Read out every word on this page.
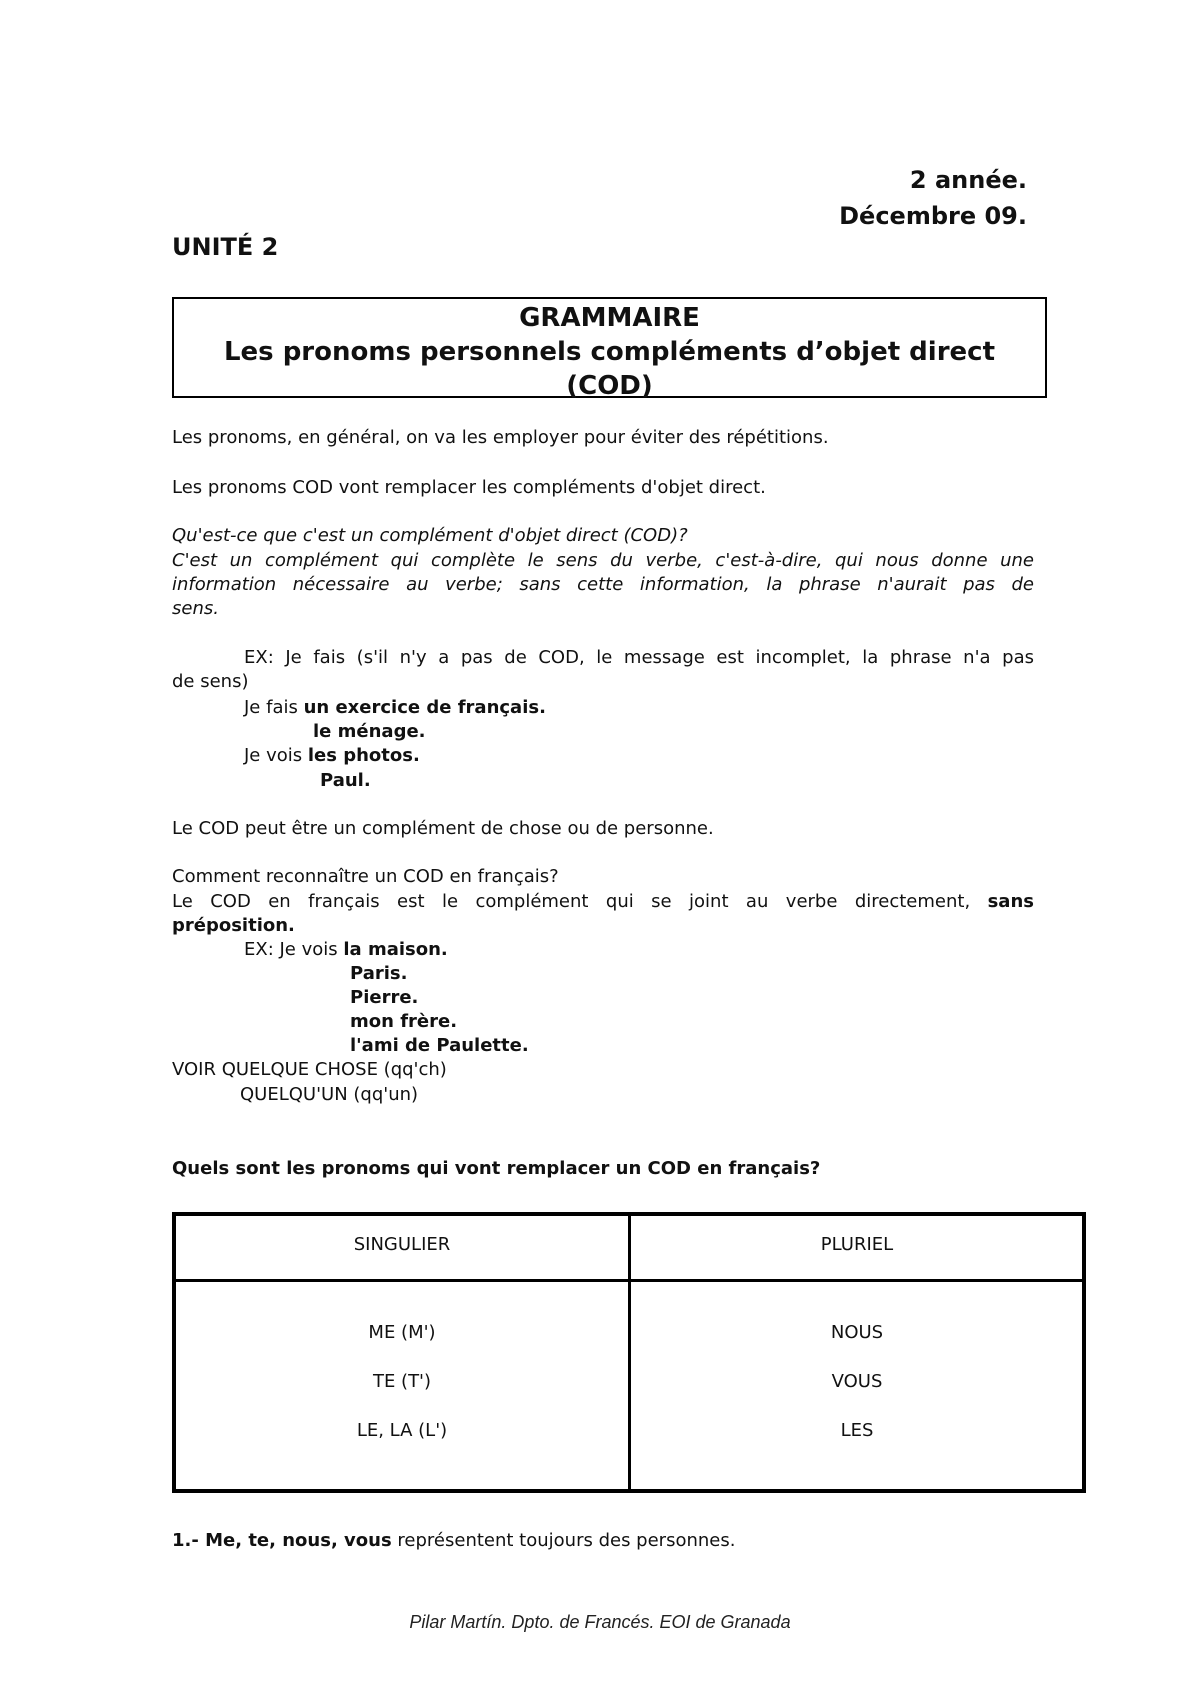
2 année.
Décembre 09.
UNITÉ 2
GRAMMAIRE
Les pronoms personnels compléments d’objet direct
(COD)
Les pronoms, en général, on va les employer pour éviter des répétitions.
Les pronoms COD vont remplacer les compléments d'objet direct.
Qu'est-ce que c'est un complément d'objet direct (COD)?
C'est un complément qui complète le sens du verbe, c'est-à-dire, qui nous donne une
information nécessaire au verbe; sans cette information, la phrase n'aurait pas de
sens.
EX: Je fais (s'il n'y a pas de COD, le message est incomplet, la phrase n'a pas
de sens)
Je fais un exercice de français.
le ménage.
Je vois les photos.
Paul.
Le COD peut être un complément de chose ou de personne.
Comment reconnaître un COD en français?
Le COD en français est le complément qui se joint au verbe directement, sans
préposition.
EX: Je vois la maison.
Paris.
Pierre.
mon frère.
l'ami de Paulette.
VOIR QUELQUE CHOSE (qq'ch)
QUELQU'UN (qq'un)
Quels sont les pronoms qui vont remplacer un COD en français?
SINGULIER	PLURIEL
ME (M')
TE (T')
LE, LA (L')
NOUS
VOUS
LES
1.- Me, te, nous, vous représentent toujours des personnes.
Pilar Martín. Dpto. de Francés. EOI de Granada
